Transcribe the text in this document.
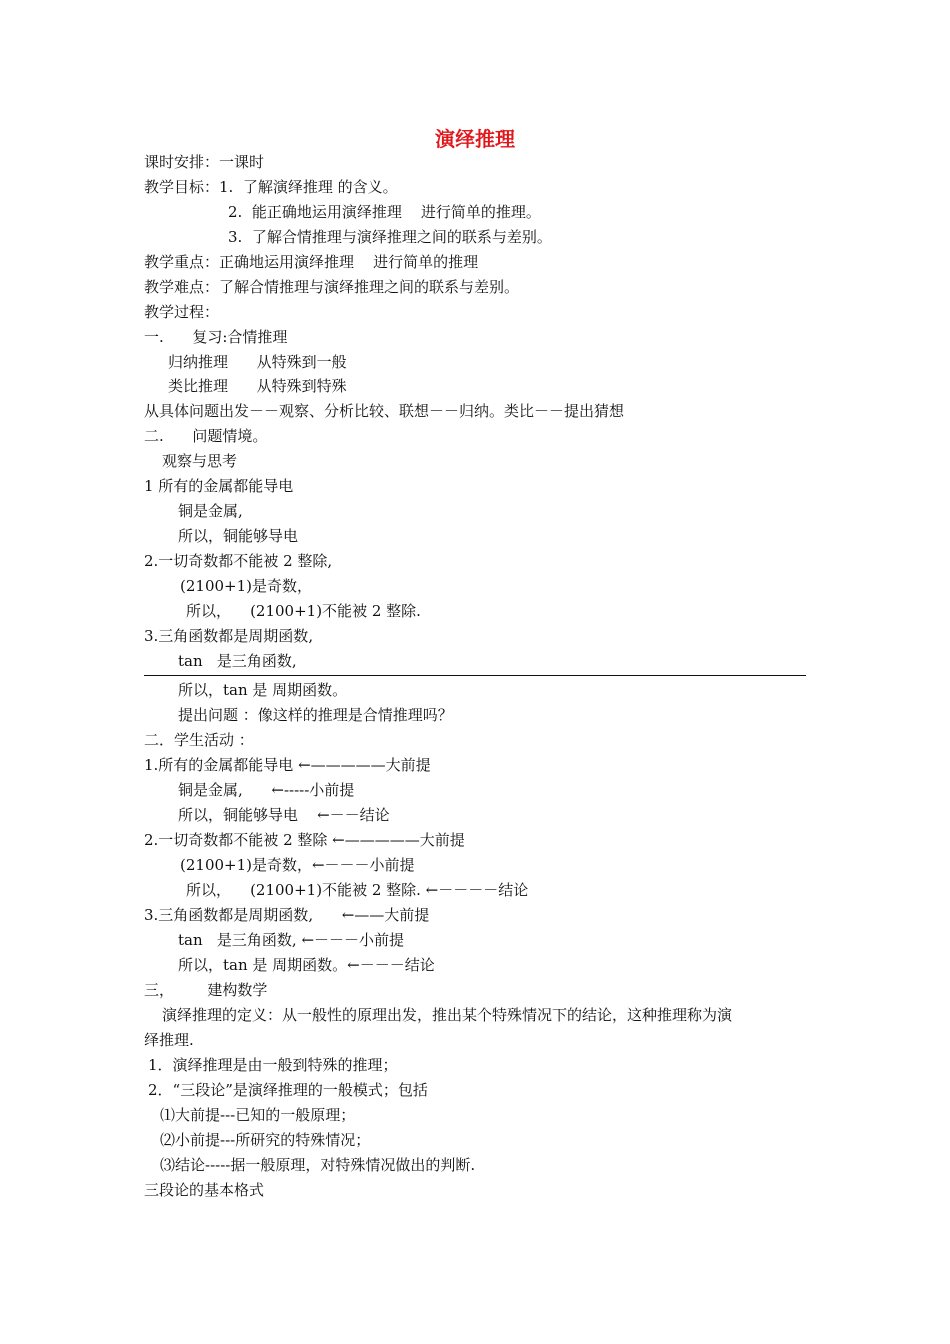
演绎推理
课时安排：一课时
教学目标：1.  了解演绎推理 的含义。
2.  能正确地运用演绎推理    进行简单的推理。
3.  了解合情推理与演绎推理之间的联系与差别。
教学重点：正确地运用演绎推理    进行简单的推理
教学难点：了解合情推理与演绎推理之间的联系与差别。
教学过程：
一.      复习:合情推理
归纳推理      从特殊到一般
类比推理      从特殊到特殊
从具体问题出发－－观察、分析比较、联想－－归纳。类比－－提出猜想
二.      问题情境。
观察与思考
1 所有的金属都能导电
铜是金属,
所以，铜能够导电
2.一切奇数都不能被 2 整除,
(2100+1)是奇数，
所以，    (2100+1)不能被 2 整除.
3.三角函数都是周期函数,
tan   是三角函数,
所以，tan 是 周期函数。
提出问题 ：像这样的推理是合情推理吗？
二．学生活动 ：
1.所有的金属都能导电 ←—————大前提
铜是金属,      ←-----小前提
所以，铜能够导电    ←－－结论
2.一切奇数都不能被 2 整除 ←—————大前提
(2100+1)是奇数，←－－－小前提
所以，    (2100+1)不能被 2 整除. ←－－－－结论
3.三角函数都是周期函数,      ←——大前提
tan   是三角函数, ←－－－小前提
所以，tan 是 周期函数。←－－－结论
三，       建构数学
演绎推理的定义：从一般性的原理出发，推出某个特殊情况下的结论，这种推理称为演
绎推理.
1．演绎推理是由一般到特殊的推理；
2．“三段论”是演绎推理的一般模式；包括
⑴大前提---已知的一般原理；
⑵小前提---所研究的特殊情况；
⑶结论-----据一般原理，对特殊情况做出的判断.
三段论的基本格式
